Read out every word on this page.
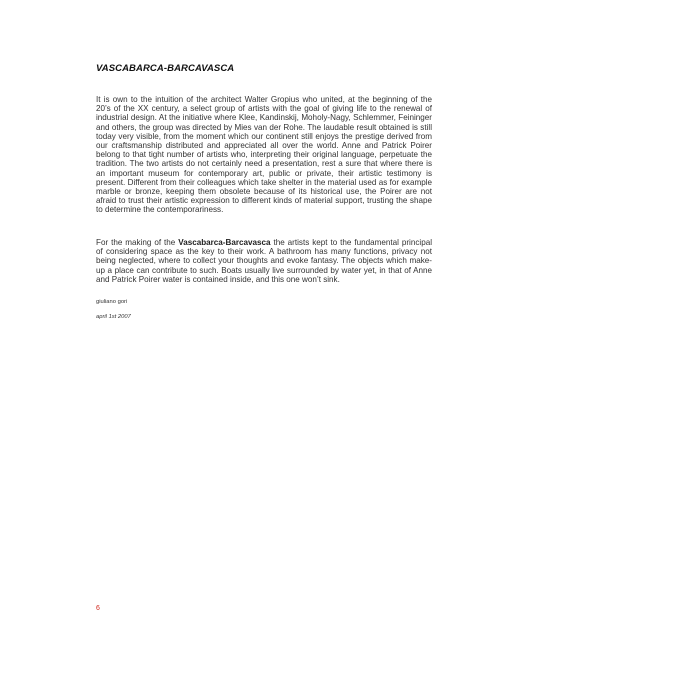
VASCABARCA-BARCAVASCA

It is own to the intuition of the architect Walter Gropius who united, at the beginning of the 20’s of the XX century, a select group of artists with the goal of giving life to the renewal of industrial design. At the initiative where Klee, Kandinskij, Moholy-Nagy, Schlemmer, Feininger and others, the group was directed by Mies van der Rohe. The laudable result obtained is still today very visible, from the moment which our continent still enjoys the prestige derived from our craftsmanship distributed and appreciated all over the world. Anne and Patrick Poirer belong to that tight number of artists who, interpreting their original language, perpetuate the tradition. The two artists do not certainly need a presentation, rest a sure that where there is an important museum for contemporary art, public or private, their artistic testimony is present. Different from their colleagues which take shelter in the material used as for example marble or bronze, keeping them obsolete because of its historical use, the Poirer are not afraid to trust their artistic expression to different kinds of material support, trusting the shape to determine the contemporariness.

For the making of the Vascabarca-Barcavasca the artists kept to the fundamental principal of considering space as the key to their work. A bathroom has many functions, privacy not being neglected, where to collect your thoughts and evoke fantasy. The objects which make-up a place can contribute to such. Boats usually live surrounded by water yet, in that of Anne and Patrick Poirer water is contained inside, and this one won’t sink.

giuliano gori
april 1st 2007
6
